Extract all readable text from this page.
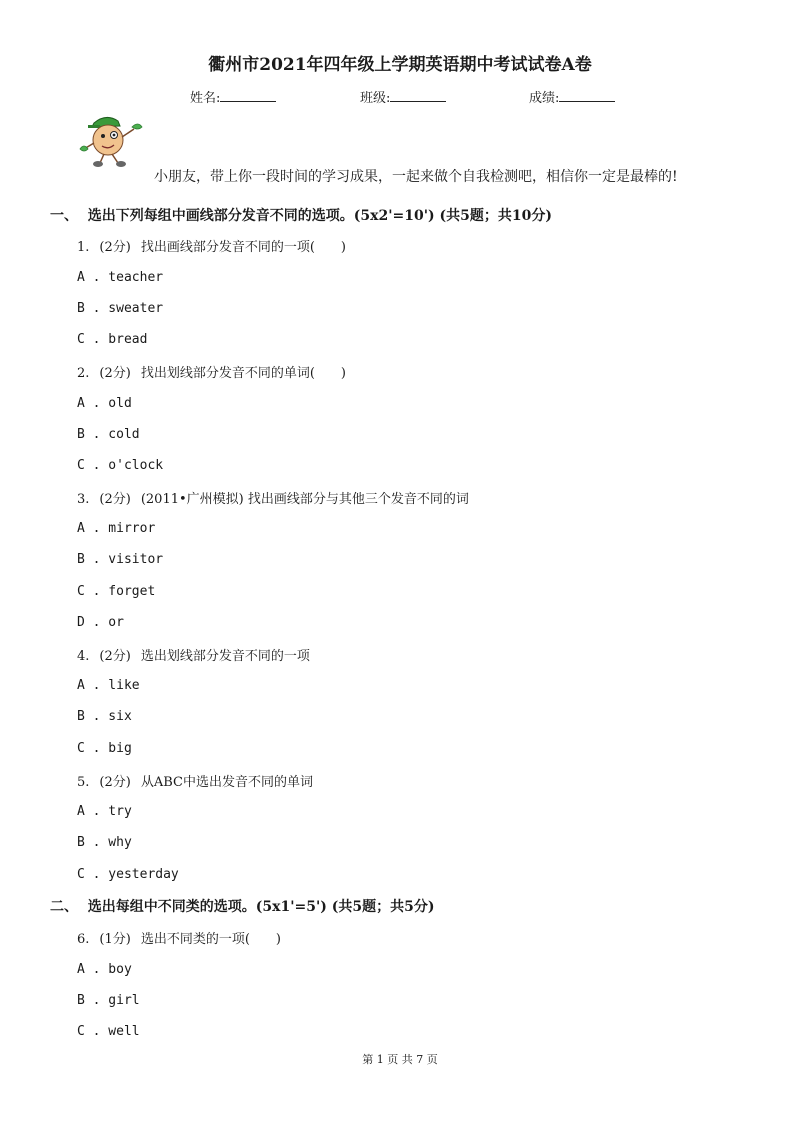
衢州市2021年四年级上学期英语期中考试试卷A卷
姓名:	班级:	成绩:
小朋友，带上你一段时间的学习成果，一起来做个自我检测吧，相信你一定是最棒的!
一、 选出下列每组中画线部分发音不同的选项。(5x2'=10') (共5题；共10分)
1. (2分) 找出画线部分发音不同的一项(　　)
A . teacher
B . sweater
C . bread
2. (2分) 找出划线部分发音不同的单词(　　)
A . old
B . cold
C . o'clock
3. (2分) (2011•广州模拟) 找出画线部分与其他三个发音不同的词
A . mirror
B . visitor
C . forget
D . or
4. (2分) 选出划线部分发音不同的一项
A . like
B . six
C . big
5. (2分) 从ABC中选出发音不同的单词
A . try
B . why
C . yesterday
二、 选出每组中不同类的选项。(5x1'=5') (共5题；共5分)
6. (1分) 选出不同类的一项(　　)
A . boy
B . girl
C . well
第 1 页 共 7 页
